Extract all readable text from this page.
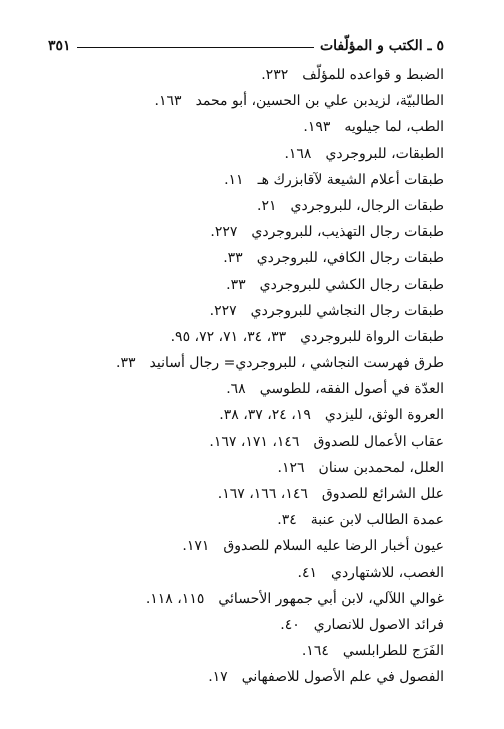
٣٥١	٥ ـ الكتب و المؤلّفات
الضبط و قواعده للمؤلّف٢٣٢.
الطالبيّة، لزيدبن علي بن الحسين، أبو محمد١٦٣.
الطب، لما جيلويه١٩٣.
الطبقات، للبروجردي١٦٨.
طبقات أعلام الشيعة لآقابزرك هـ١١.
طبقات الرجال، للبروجردي٢١.
طبقات رجال التهذيب، للبروجردي٢٢٧.
طبقات رجال الكافي، للبروجردي٣٣.
طبقات رجال الكشي للبروجردي٣٣.
طبقات رجال النجاشي للبروجردي٢٢٧.
طبقات الرواة للبروجردي٣٣، ٣٤، ٧١، ٧٢، ٩٥.
طرق فهرست النجاشي ، للبروجردي= رجال أسانيد٣٣.
العدّة في أصول الفقه، للطوسي٦٨.
العروة الوثق، لليزدي١٩، ٢٤، ٣٧، ٣٨.
عقاب الأعمال للصدوق١٤٦، ١٧١، ١٦٧.
العلل، لمحمدبن سنان١٢٦.
علل الشرائع للصدوق١٤٦، ١٦٦، ١٦٧.
عمدة الطالب لابن عنبة٣٤.
عيون أخبار الرضا عليه السلام للصدوق١٧١.
الغصب، للاشتهاردي٤١.
غوالي اللآلي، لابن أبي جمهور الأحسائي١١٥، ١١٨.
فرائد الاصول للانصاري٤٠.
الفَرَج للطرابلسي١٦٤.
الفصول في علم الأصول للاصفهاني١٧.
